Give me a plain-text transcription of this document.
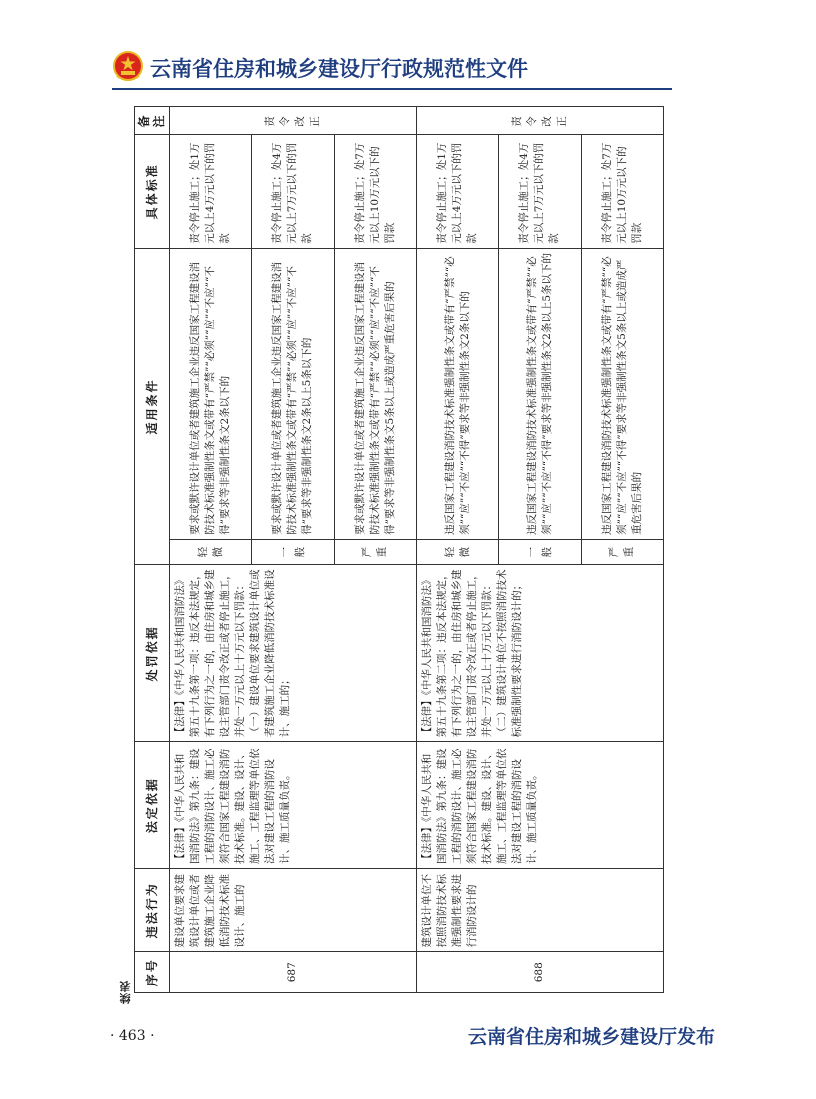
云南省住房和城乡建设厅行政规范性文件
续表
序号	违法行为	法定依据	处罚依据	适用条件		具体标准	备注
687	建设单位要求建筑设计单位或者建筑施工企业降低消防技术标准设计、施工的	【法律】《中华人民共和国消防法》第九条：建设工程的消防设计、施工必须符合国家工程建设消防技术标准。建设、设计、施工、工程监理等单位依法对建设工程的消防设计、施工质量负责。	【法律】《中华人民共和国消防法》第五十九条第一项：违反本法规定，有下列行为之一的，由住房和城乡建设主管部门责令改正或者停止施工，并处一万元以上十万元以下罚款：（一）建设单位要求建筑设计单位或者建筑施工企业降低消防技术标准设计、施工的；	轻微	要求或默许设计单位或者建筑施工企业违反国家工程建设消防技术标准强制性条文或带有“严禁”“必须”“应”“不应”“不得”要求等非强制性条文2条以下的	责令停止施工；处1万元以上4万元以下的罚款	责令改正
				一般	要求或默许设计单位或者建筑施工企业违反国家工程建设消防技术标准强制性条文或带有“严禁”“必须”“应”“不应”“不得”要求等非强制性条文2条以上5条以下的	责令停止施工；处4万元以上7万元以下的罚款	
				严重	要求或默许设计单位或者建筑施工企业违反国家工程建设消防技术标准强制性条文或带有“严禁”“必须”“应”“不应”“不得”要求等非强制性条文5条以上或造成严重危害后果的	责令停止施工；处7万元以上10万元以下的罚款	
688	建筑设计单位不按照消防技术标准强制性要求进行消防设计的	【法律】《中华人民共和国消防法》第九条：建设工程的消防设计、施工必须符合国家工程建设消防技术标准。建设、设计、施工、工程监理等单位依法对建设工程的消防设计、施工质量负责。	【法律】《中华人民共和国消防法》第五十九条第二项：违反本法规定，有下列行为之一的，由住房和城乡建设主管部门责令改正或者停止施工，并处一万元以上十万元以下罚款：（二）建筑设计单位不按照消防技术标准强制性要求进行消防设计的；	轻微	违反国家工程建设消防技术标准强制性条文或带有“严禁”“必须”“应”“不应”“不得”要求等非强制性条文2条以下的	责令停止施工；处1万元以上4万元以下的罚款	责令改正
				一般	违反国家工程建设消防技术标准强制性条文或带有“严禁”“必须”“应”“不应”“不得”要求等非强制性条文2条以上5条以下的	责令停止施工；处4万元以上7万元以下的罚款	
				严重	违反国家工程建设消防技术标准强制性条文或带有“严禁”“必须”“应”“不应”“不得”要求等非强制性条文5条以上或造成严重危害后果的	责令停止施工；处7万元以上10万元以下的罚款	
· 463 ·	云南省住房和城乡建设厅发布
